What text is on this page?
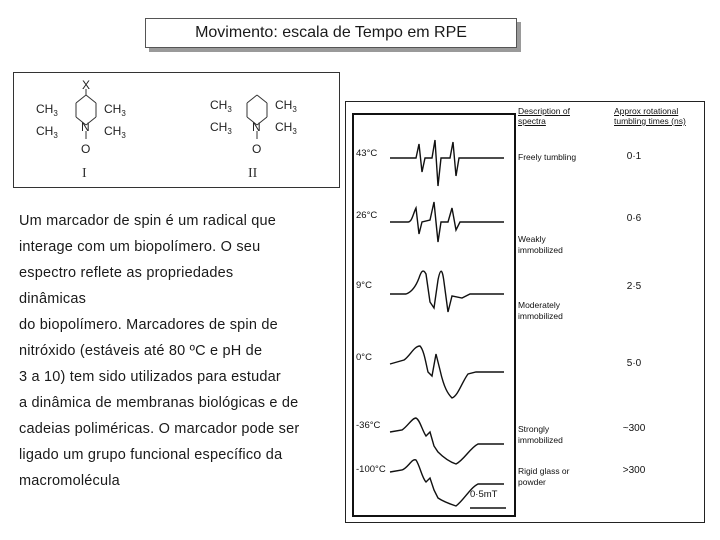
Movimento: escala de Tempo em RPE
X
$CH_3$
$CH_3$
$CH_3$
$CH_3$
N
O
I
$CH_3$
$CH_3$
$CH_3$
$CH_3$
N
O
II
Um marcador de spin é um radical que
interage com um biopolímero. O seu
espectro reflete as propriedades
dinâmicas
do biopolímero. Marcadores de spin de
nitróxido (estáveis até 80 ºC e pH de
3 a 10) tem sido utilizados para estudar
a dinâmica de membranas biológicas e de
cadeias poliméricas. O marcador pode ser
ligado um grupo funcional específico da
macromolécula
Description of
spectra
Approx rotational
tumbling times (ns)
43°C
26°C
9°C
0°C
-36°C
-100°C
Freely tumbling
Weakly immobilized
Moderately immobilized
Strongly immobilized
Rigid glass or powder
0·1
0·6
2·5
5·0
~300
>300
0·5mT
